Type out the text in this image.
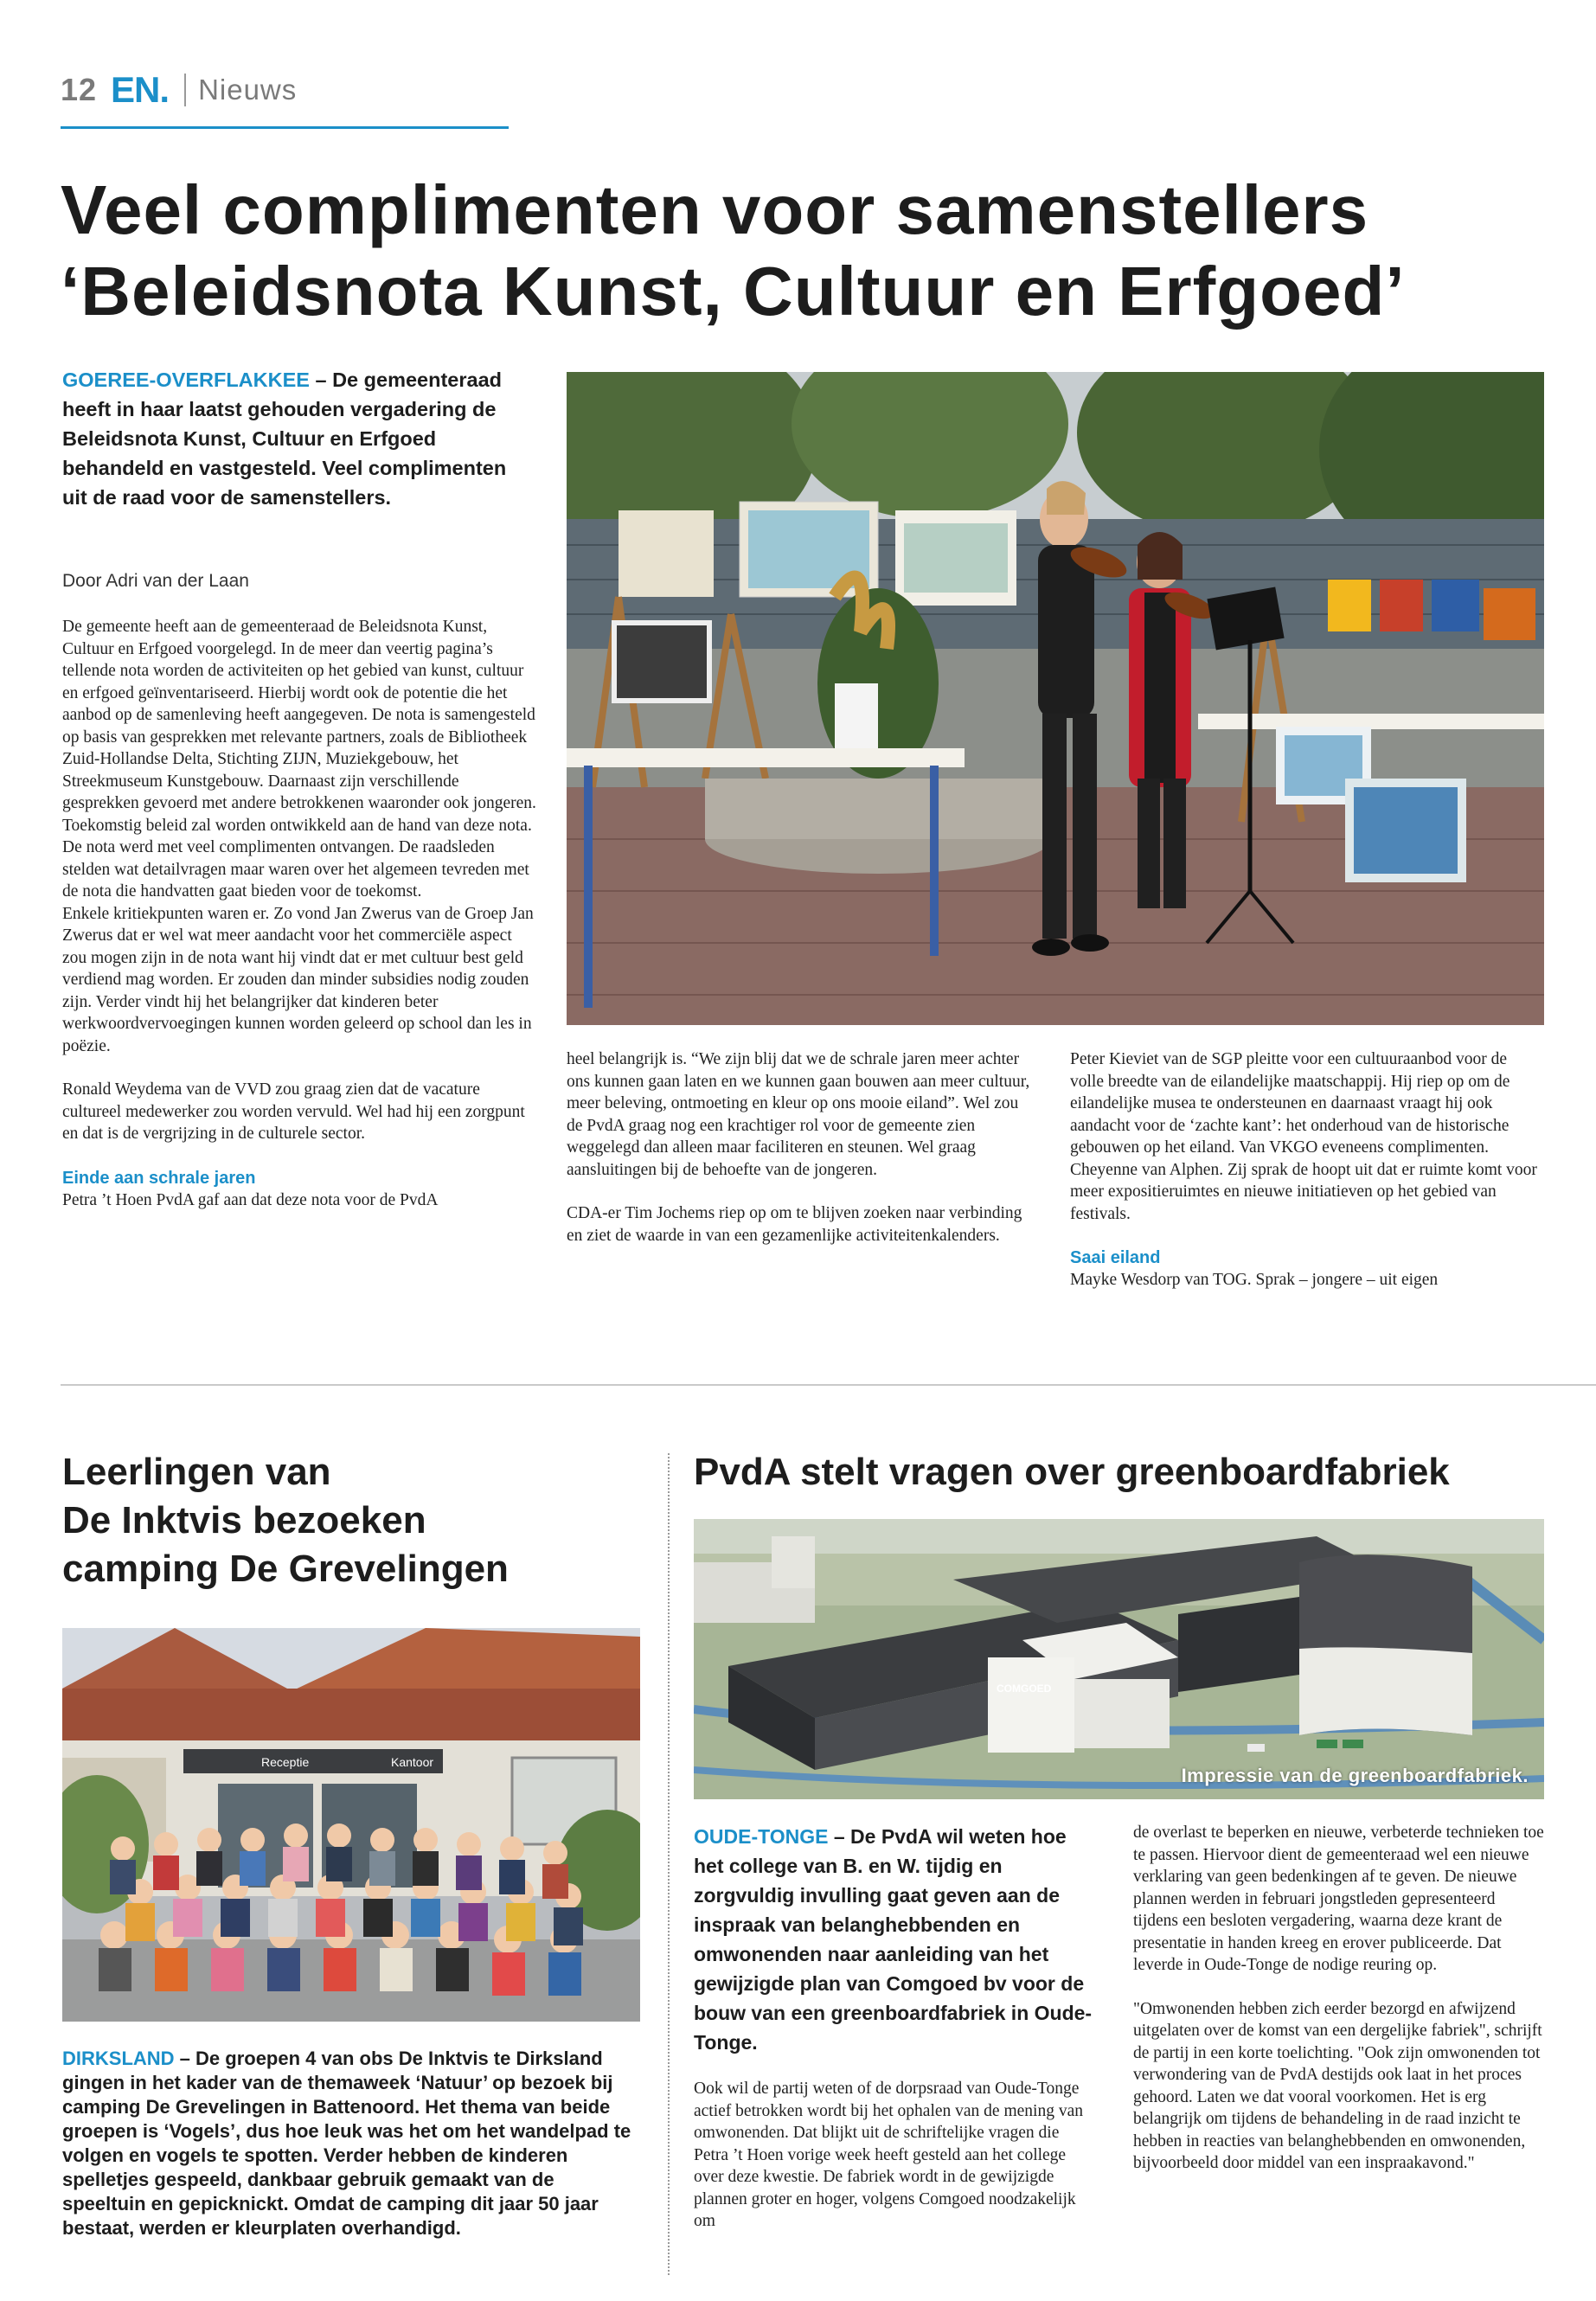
12 EN. Nieuws
Veel complimenten voor samenstellers
‘Beleidsnota Kunst, Cultuur en Erfgoed’
GOEREE-OVERFLAKKEE – De gemeenteraad heeft in haar laatst gehouden vergadering de Beleidsnota Kunst, Cultuur en Erfgoed behandeld en vastgesteld. Veel complimenten uit de raad voor de samenstellers.
Door Adri van der Laan

De gemeente heeft aan de gemeenteraad de Beleidsnota Kunst, Cultuur en Erfgoed voorgelegd. In de meer dan veertig pagina’s tellende nota worden de activiteiten op het gebied van kunst, cultuur en erfgoed geïnventariseerd. Hierbij wordt ook de potentie die het aanbod op de samenleving heeft aangegeven. De nota is samengesteld op basis van gesprekken met relevante partners, zoals de Bibliotheek Zuid-Hollandse Delta, Stichting ZIJN, Muziekgebouw, het Streekmuseum Kunstgebouw. Daarnaast zijn verschillende gesprekken gevoerd met andere betrokkenen waaronder ook jongeren. Toekomstig beleid zal worden ontwikkeld aan de hand van deze nota. De nota werd met veel complimenten ontvangen. De raadsleden stelden wat detailvragen maar waren over het algemeen tevreden met de nota die handvatten gaat bieden voor de toekomst.

Enkele kritiekpunten waren er. Zo vond Jan Zwerus van de Groep Jan Zwerus dat er wel wat meer aandacht voor het commerciële aspect zou mogen zijn in de nota want hij vindt dat er met cultuur best geld verdiend mag worden. Er zouden dan minder subsidies nodig zouden zijn. Verder vindt hij het belangrijker dat kinderen beter werkwoordvervoegingen kunnen worden geleerd op school dan les in poëzie.

Ronald Weydema van de VVD zou graag zien dat de vacature cultureel medewerker zou worden vervuld. Wel had hij een zorgpunt en dat is de vergrijzing in de culturele sector.

Einde aan schrale jaren

Petra ’t Hoen PvdA gaf aan dat deze nota voor de PvdA

heel belangrijk is. “We zijn blij dat we de schrale jaren meer achter ons kunnen gaan laten en we kunnen gaan bouwen aan meer cultuur, meer beleving, ontmoeting en kleur op ons mooie eiland”. Wel zou de PvdA graag nog een krachtiger rol voor de gemeente zien weggelegd dan alleen maar faciliteren en steunen. Wel graag aansluitingen bij de behoefte van de jongeren.

CDA-er Tim Jochems riep op om te blijven zoeken naar verbinding en ziet de waarde in van een gezamenlijke activiteitenkalenders.

Peter Kieviet van de SGP pleitte voor een cultuuraanbod voor de volle breedte van de eilandelijke maatschappij. Hij riep op om de eilandelijke musea te ondersteunen en daarnaast vraagt hij ook aandacht voor de ‘zachte kant’: het onderhoud van de historische gebouwen op het eiland. Van VKGO eveneens complimenten. Cheyenne van Alphen. Zij sprak de hoopt uit dat er ruimte komt voor meer expositieruimtes en nieuwe initiatieven op het gebied van festivals.

Saai eiland

Mayke Wesdorp van TOG. Sprak – jongere – uit eigen

Leerlingen van
De Inktvis bezoeken
camping De Grevelingen
Receptie	Kantoor
DIRKSLAND – De groepen 4 van obs De Inktvis te Dirksland gingen in het kader van de themaweek ‘Natuur’ op bezoek bij camping De Grevelingen in Battenoord. Het thema van beide groepen is ‘Vogels’, dus hoe leuk was het om het wandelpad te volgen en vogels te spotten. Verder hebben de kinderen spelletjes gespeeld, dankbaar gebruik gemaakt van de speeltuin en gepicknickt. Omdat de camping dit jaar 50 jaar bestaat, werden er kleurplaten overhandigd.
PvdA stelt vragen over greenboardfabriek
COMGOED
Impressie van de greenboardfabriek.
OUDE-TONGE – De PvdA wil weten hoe het college van B. en W. tijdig en zorgvuldig invulling gaat geven aan de inspraak van belanghebbenden en omwonenden naar aanleiding van het gewijzigde plan van Comgoed bv voor de bouw van een greenboardfabriek in Oude-Tonge.

Ook wil de partij weten of de dorpsraad van Oude-Tonge actief betrokken wordt bij het ophalen van de mening van omwonenden. Dat blijkt uit de schriftelijke vragen die Petra ’t Hoen vorige week heeft gesteld aan het college over deze kwestie. De fabriek wordt in de gewijzigde plannen groter en hoger, volgens Comgoed noodzakelijk om

de overlast te beperken en nieuwe, verbeterde technieken toe te passen. Hiervoor dient de gemeenteraad wel een nieuwe verklaring van geen bedenkingen af te geven. De nieuwe plannen werden in februari jongstleden gepresenteerd tijdens een besloten vergadering, waarna deze krant de presentatie in handen kreeg en erover publiceerde. Dat leverde in Oude-Tonge de nodige reuring op.

"Omwonenden hebben zich eerder bezorgd en afwijzend uitgelaten over de komst van een dergelijke fabriek", schrijft de partij in een korte toelichting. "Ook zijn omwonenden tot verwondering van de PvdA destijds ook laat in het proces gehoord. Laten we dat vooral voorkomen. Het is erg belangrijk om tijdens de behandeling in de raad inzicht te hebben in reacties van belanghebbenden en omwonenden, bijvoorbeeld door middel van een inspraakavond."
